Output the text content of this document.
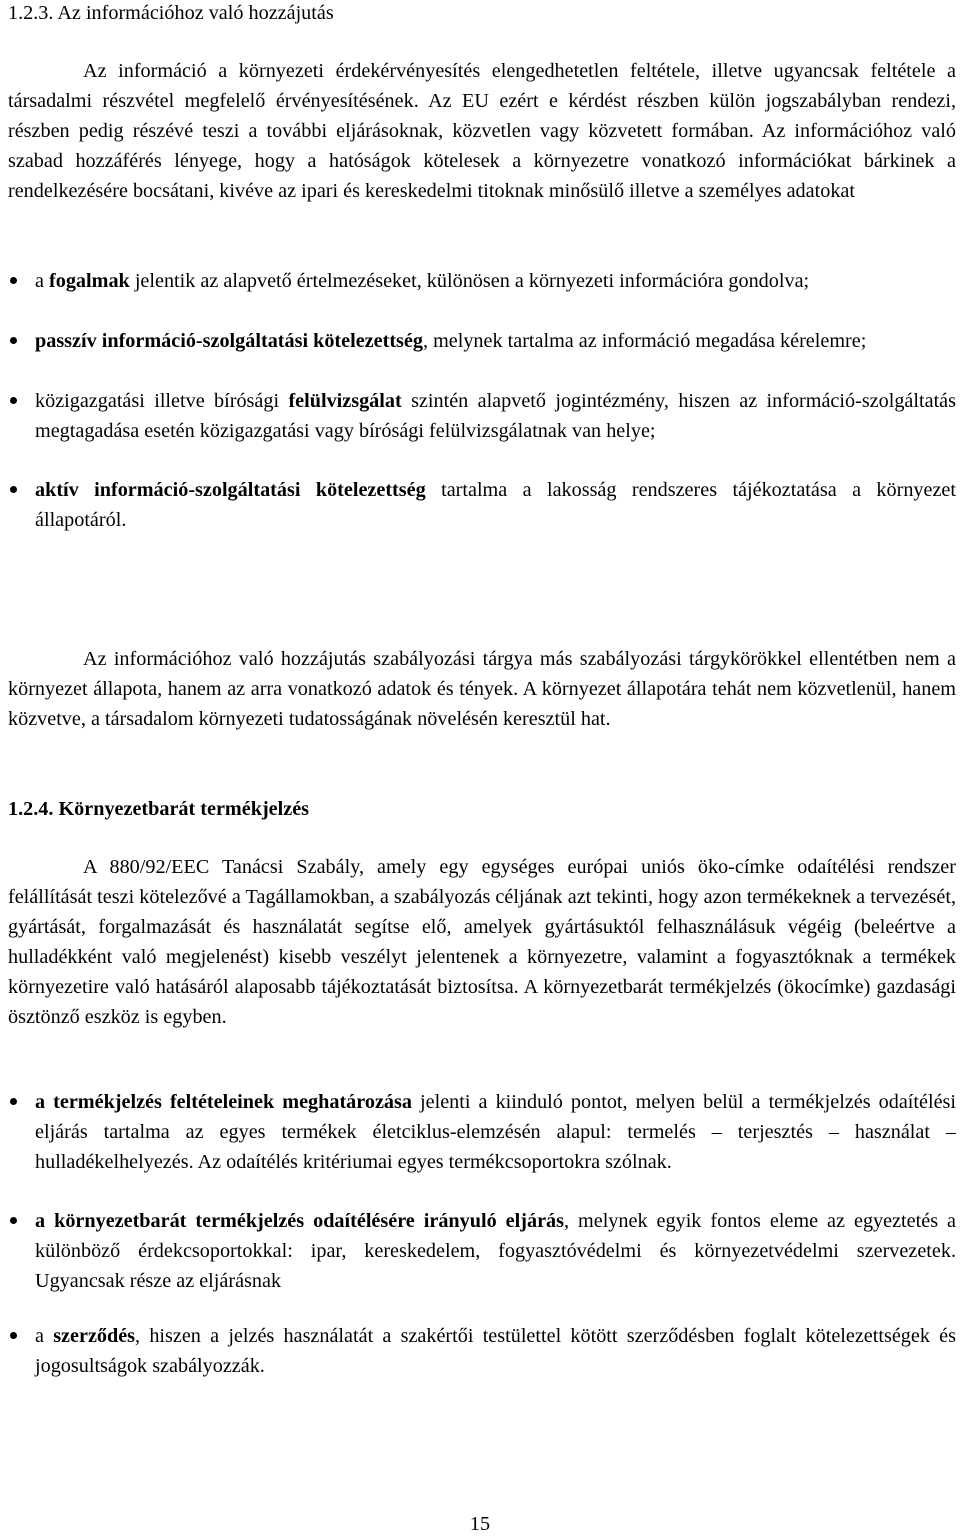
1.2.3. Az információhoz való hozzájutás

Az információ a környezeti érdekérvényesítés elengedhetetlen feltétele, illetve ugyancsak feltétele a társadalmi részvétel megfelelő érvényesítésének. Az EU ezért e kérdést részben külön jogszabályban rendezi, részben pedig részévé teszi a további eljárásoknak, közvetlen vagy közvetett formában. Az információhoz való szabad hozzáférés lényege, hogy a hatóságok kötelesek a környezetre vonatkozó információkat bárkinek a rendelkezésére bocsátani, kivéve az ipari és kereskedelmi titoknak minősülő illetve a személyes adatokat

a fogalmak jelentik az alapvető értelmezéseket, különösen a környezeti információra gondolva;
passzív információ-szolgáltatási kötelezettség, melynek tartalma az információ megadása kérelemre;
közigazgatási illetve bírósági felülvizsgálat szintén alapvető jogintézmény, hiszen az információ-szolgáltatás megtagadása esetén közigazgatási vagy bírósági felülvizsgálatnak van helye;
aktív információ-szolgáltatási kötelezettség tartalma a lakosság rendszeres tájékoztatása a környezet állapotáról.

Az információhoz való hozzájutás szabályozási tárgya más szabályozási tárgykörökkel ellentétben nem a környezet állapota, hanem az arra vonatkozó adatok és tények. A környezet állapotára tehát nem közvetlenül, hanem közvetve, a társadalom környezeti tudatosságának növelésén keresztül hat.

1.2.4. Környezetbarát termékjelzés

A 880/92/EEC Tanácsi Szabály, amely egy egységes európai uniós öko-címke odaítélési rendszer felállítását teszi kötelezővé a Tagállamokban, a szabályozás céljának azt tekinti, hogy azon termékeknek a tervezését, gyártását, forgalmazását és használatát segítse elő, amelyek gyártásuktól felhasználásuk végéig (beleértve a hulladékként való megjelenést) kisebb veszélyt jelentenek a környezetre, valamint a fogyasztóknak a termékek környezetire való hatásáról alaposabb tájékoztatását biztosítsa. A környezetbarát termékjelzés (ökocímke) gazdasági ösztönző eszköz is egyben.

a termékjelzés feltételeinek meghatározása jelenti a kiinduló pontot, melyen belül a termékjelzés odaítélési eljárás tartalma az egyes termékek életciklus-elemzésén alapul: termelés – terjesztés – használat – hulladékelhelyezés. Az odaítélés kritériumai egyes termékcsoportokra szólnak.
a környezetbarát termékjelzés odaítélésére irányuló eljárás, melynek egyik fontos eleme az egyeztetés a különböző érdekcsoportokkal: ipar, kereskedelem, fogyasztóvédelmi és környezetvédelmi szervezetek. Ugyancsak része az eljárásnak
a szerződés, hiszen a jelzés használatát a szakértői testülettel kötött szerződésben foglalt kötelezettségek és jogosultságok szabályozzák.
15
